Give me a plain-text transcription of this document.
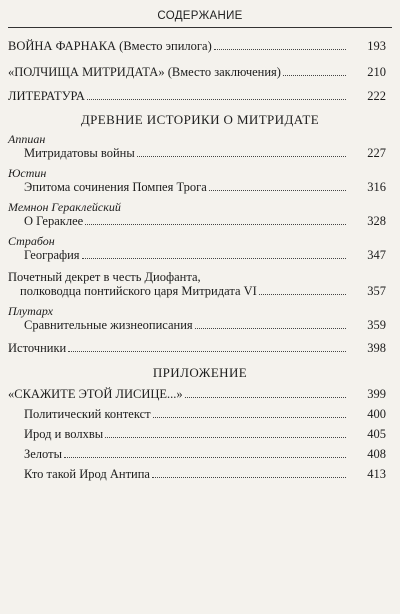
СОДЕРЖАНИЕ
ВОЙНА ФАРНАКА (Вместо эпилога)	193
«ПОЛЧИЩА МИТРИДАТА» (Вместо заключения)	210
ЛИТЕРАТУРА	222
ДРЕВНИЕ ИСТОРИКИ О МИТРИДАТЕ
Аппиан
Митридатовы войны	227
Юстин
Эпитома сочинения Помпея Трога	316
Мемнон Гераклейский
О Гераклее	328
Страбон
География	347
Почетный декрет в честь Диофанта,
полководца понтийского царя Митридата VI	357
Плутарх
Сравнительные жизнеописания	359
Источники	398
ПРИЛОЖЕНИЕ
«СКАЖИТЕ ЭТОЙ ЛИСИЦЕ...»	399
Политический контекст	400
Ирод и волхвы	405
Зелоты	408
Кто такой Ирод Антипа	413
